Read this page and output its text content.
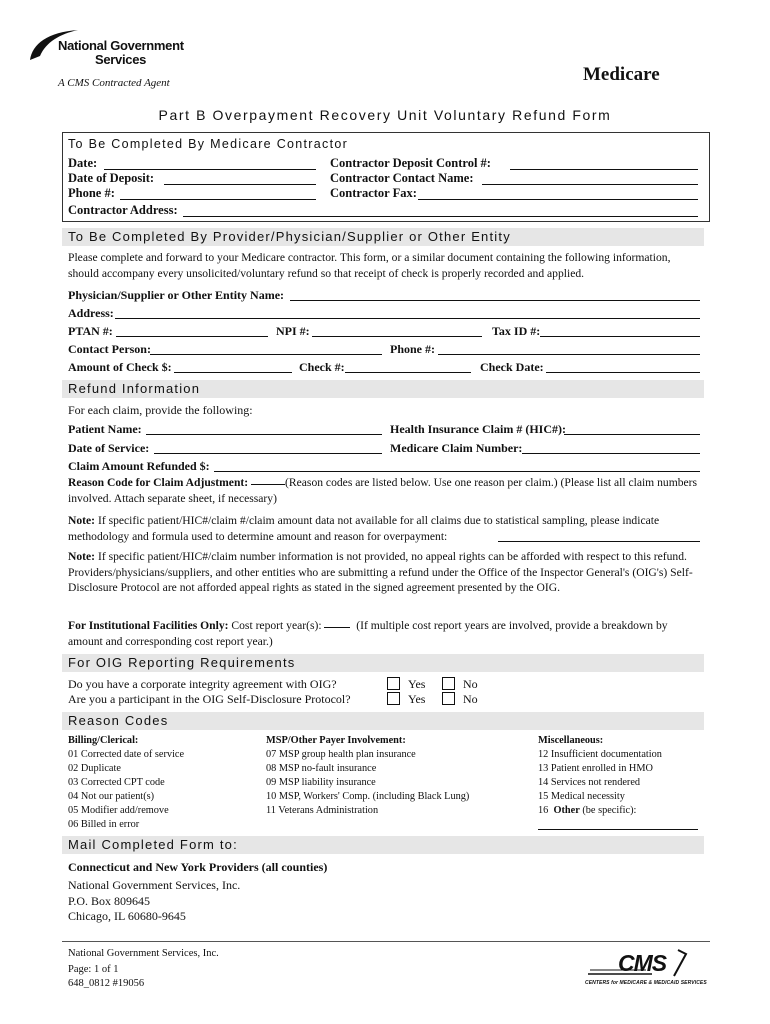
National Government
Services
A CMS Contracted Agent	Medicare
Part B Overpayment Recovery Unit Voluntary Refund Form
To Be Completed By Medicare Contractor
Date:
Date of Deposit:
Phone #:
Contractor Deposit Control #:
Contractor Contact Name:
Contractor Fax:
Contractor Address:
To Be Completed By Provider/Physician/Supplier or Other Entity
Please complete and forward to your Medicare contractor. This form, or a similar document containing the following information, should accompany every unsolicited/voluntary refund so that receipt of check is properly recorded and applied.
Physician/Supplier or Other Entity Name:
Address:
PTAN #:	NPI #:	Tax ID #:
Contact Person:	Phone #:
Amount of Check $:	Check #:	Check Date:
Refund Information
For each claim, provide the following:
Patient Name:	Health Insurance Claim # (HIC#):
Date of Service:	Medicare Claim Number:
Claim Amount Refunded $:
Reason Code for Claim Adjustment:	(Reason codes are listed below. Use one reason per claim.) (Please list all claim numbers involved. Attach separate sheet, if necessary)
Note: If specific patient/HIC#/claim #/claim amount data not available for all claims due to statistical sampling, please indicate methodology and formula used to determine amount and reason for overpayment:
Note: If specific patient/HIC#/claim number information is not provided, no appeal rights can be afforded with respect to this refund. Providers/physicians/suppliers, and other entities who are submitting a refund under the Office of the Inspector General's (OIG's) Self-Disclosure Protocol are not afforded appeal rights as stated in the signed agreement presented by the OIG.
For Institutional Facilities Only: Cost report year(s):	(If multiple cost report years are involved, provide a breakdown by amount and corresponding cost report year.)
For OIG Reporting Requirements
Do you have a corporate integrity agreement with OIG?
Are you a participant in the OIG Self-Disclosure Protocol?
Yes	No
Yes	No
Reason Codes
Billing/Clerical:
01 Corrected date of service
02 Duplicate
03 Corrected CPT code
04 Not our patient(s)
05 Modifier add/remove
06 Billed in error
MSP/Other Payer Involvement:
07 MSP group health plan insurance
08 MSP no-fault insurance
09 MSP liability insurance
10 MSP, Workers' Comp. (including Black Lung)
11 Veterans Administration
Miscellaneous:
12 Insufficient documentation
13 Patient enrolled in HMO
14 Services not rendered
15 Medical necessity
16 Other (be specific):
Mail Completed Form to:
Connecticut and New York Providers (all counties)
National Government Services, Inc.
P.O. Box 809645
Chicago, IL 60680-9645
National Government Services, Inc.
Page: 1 of 1
648_0812 #19056
CMS
CENTERS for MEDICARE & MEDICAID SERVICES
